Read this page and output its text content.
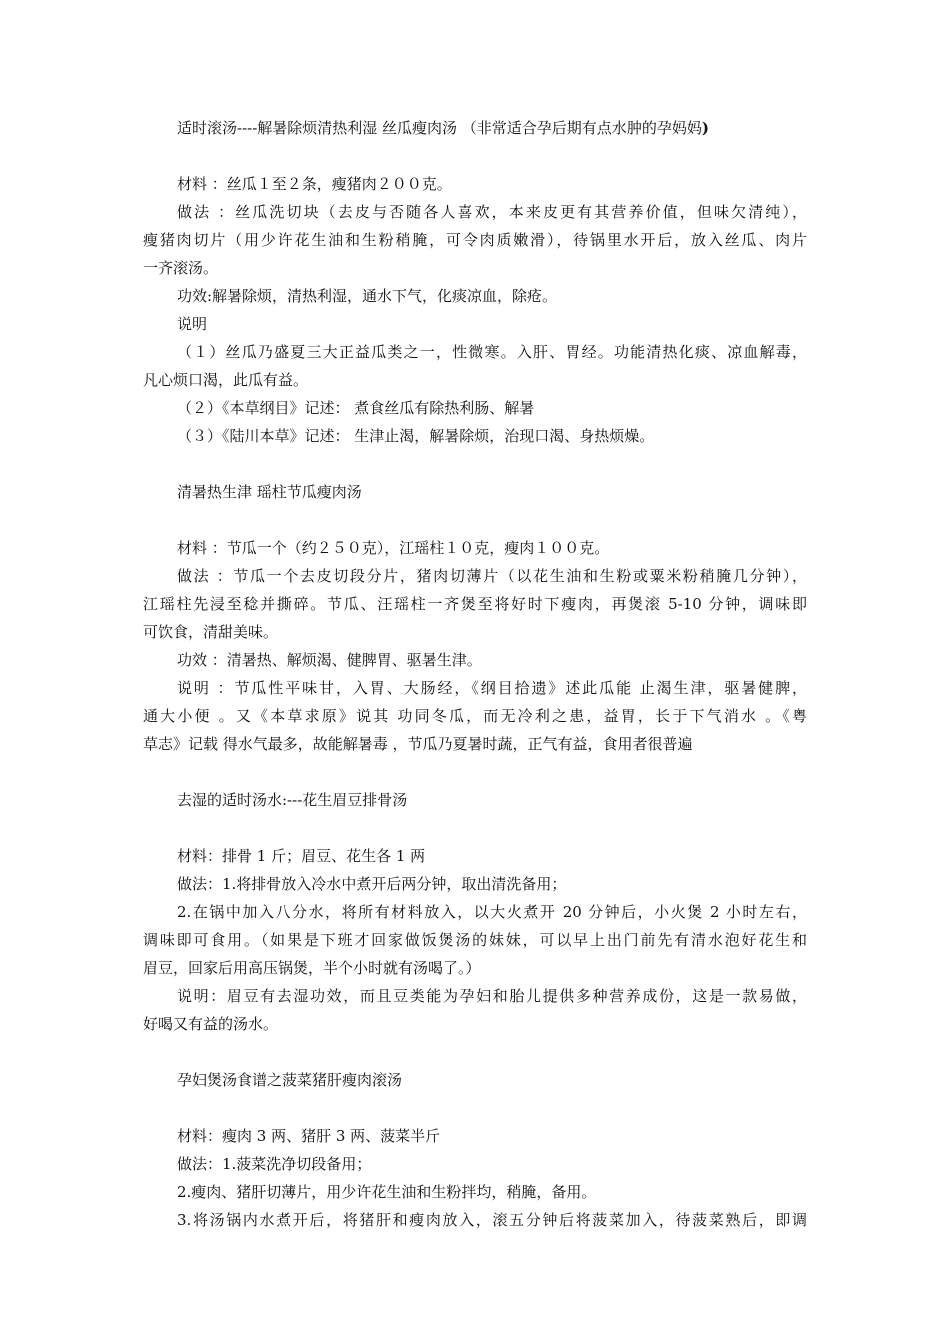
适时滚汤----解暑除烦清热利湿 丝瓜瘦肉汤 （非常适合孕后期有点水肿的孕妈妈)
材料 ：丝瓜１至２条，瘦猪肉２００克。
做法 ：丝瓜洗切块（去皮与否随各人喜欢，本来皮更有其营养价值，但味欠清纯），
瘦猪肉切片（用少许花生油和生粉稍腌，可令肉质嫩滑），待锅里水开后，放入丝瓜、肉片
一齐滚汤。
功效:解暑除烦，清热利湿，通水下气，化痰凉血，除疮。
说明
（１）丝瓜乃盛夏三大正益瓜类之一，性微寒。入肝、胃经。功能清热化痰、凉血解毒，
凡心烦口渴，此瓜有益。
（２）《本草纲目》记述： 煮食丝瓜有除热利肠、解暑
（３）《陆川本草》记述： 生津止渴，解暑除烦，治现口渴、身热烦燥。
清暑热生津 瑶柱节瓜瘦肉汤
材料 ：节瓜一个（约２５０克），江瑶柱１０克，瘦肉１００克。
做法 ：节瓜一个去皮切段分片，猪肉切薄片（以花生油和生粉或粟米粉稍腌几分钟），
江瑶柱先浸至稔并撕碎。节瓜、汪瑶柱一齐煲至将好时下瘦肉，再煲滚 5-10 分钟，调味即
可饮食，清甜美味。
功效 ：清暑热、解烦渴、健脾胃、驱暑生津。
说明 ：节瓜性平味甘，入胃、大肠经，《纲目拾遗》述此瓜能 止渴生津，驱暑健脾，
通大小便 。又《本草求原》说其 功同冬瓜，而无冷利之患，益胃，长于下气消水 。《粤
草志》记载 得水气最多，故能解暑毒 ，节瓜乃夏暑时蔬，正气有益，食用者很普遍
去湿的适时汤水:---花生眉豆排骨汤
材料：排骨 1 斤；眉豆、花生各 1 两
做法：1.将排骨放入冷水中煮开后两分钟，取出清洗备用；
2.在锅中加入八分水，将所有材料放入，以大火煮开 20 分钟后，小火煲 2 小时左右，
调味即可食用。（如果是下班才回家做饭煲汤的妹妹，可以早上出门前先有清水泡好花生和
眉豆，回家后用高压锅煲，半个小时就有汤喝了。）
说明：眉豆有去湿功效，而且豆类能为孕妇和胎儿提供多种营养成份，这是一款易做，
好喝又有益的汤水。
孕妇煲汤食谱之菠菜猪肝瘦肉滚汤
材料：瘦肉 3 两、猪肝 3 两、菠菜半斤
做法：1.菠菜洗净切段备用；
2.瘦肉、猪肝切薄片，用少许花生油和生粉拌均，稍腌，备用。
3.将汤锅内水煮开后，将猪肝和瘦肉放入，滚五分钟后将菠菜加入，待菠菜熟后，即调
